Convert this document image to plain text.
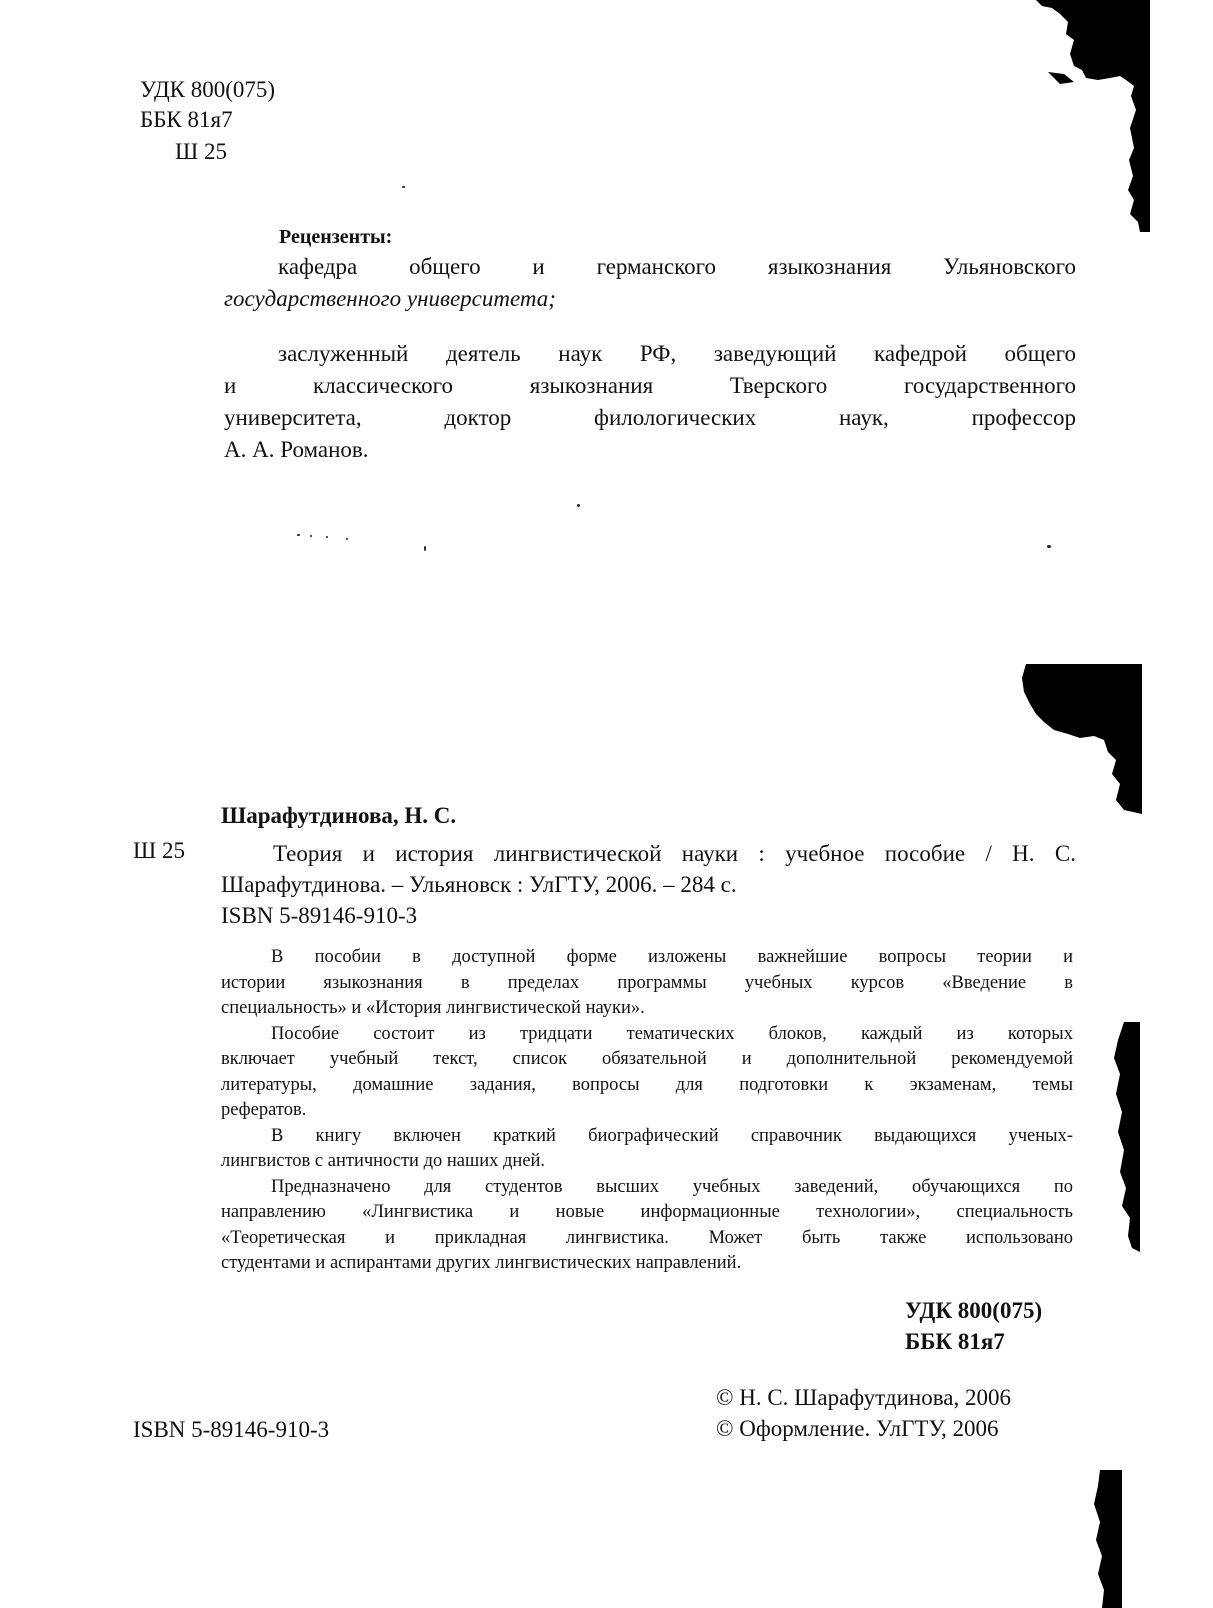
УДК 800(075)
ББК 81я7
Ш 25
Рецензенты:
кафедра общего и германского языкознания Ульяновского
государственного университета;
заслуженный деятель наук РФ, заведующий кафедрой общего
и классического языкознания Тверского государственного
университета, доктор филологических наук, профессор
А. А. Романов.
Шарафутдинова, Н. С.
Ш 25	Теория и история лингвистической науки : учебное пособие / Н. С.
Шарафутдинова. – Ульяновск : УлГТУ, 2006. – 284 с.
ISBN 5-89146-910-3
В пособии в доступной форме изложены важнейшие вопросы теории и
истории языкознания в пределах программы учебных курсов «Введение в
специальность» и «История лингвистической науки».
Пособие состоит из тридцати тематических блоков, каждый из которых
включает учебный текст, список обязательной и дополнительной рекомендуемой
литературы, домашние задания, вопросы для подготовки к экзаменам, темы
рефератов.
В книгу включен краткий биографический справочник выдающихся ученых-
лингвистов с античности до наших дней.
Предназначено для студентов высших учебных заведений, обучающихся по
направлению «Лингвистика и новые информационные технологии», специальность
«Теоретическая и прикладная лингвистика. Может быть также использовано
студентами и аспирантами других лингвистических направлений.
УДК 800(075)
ББК 81я7
© Н. С. Шарафутдинова, 2006
© Оформление. УлГТУ, 2006
ISBN 5-89146-910-3
